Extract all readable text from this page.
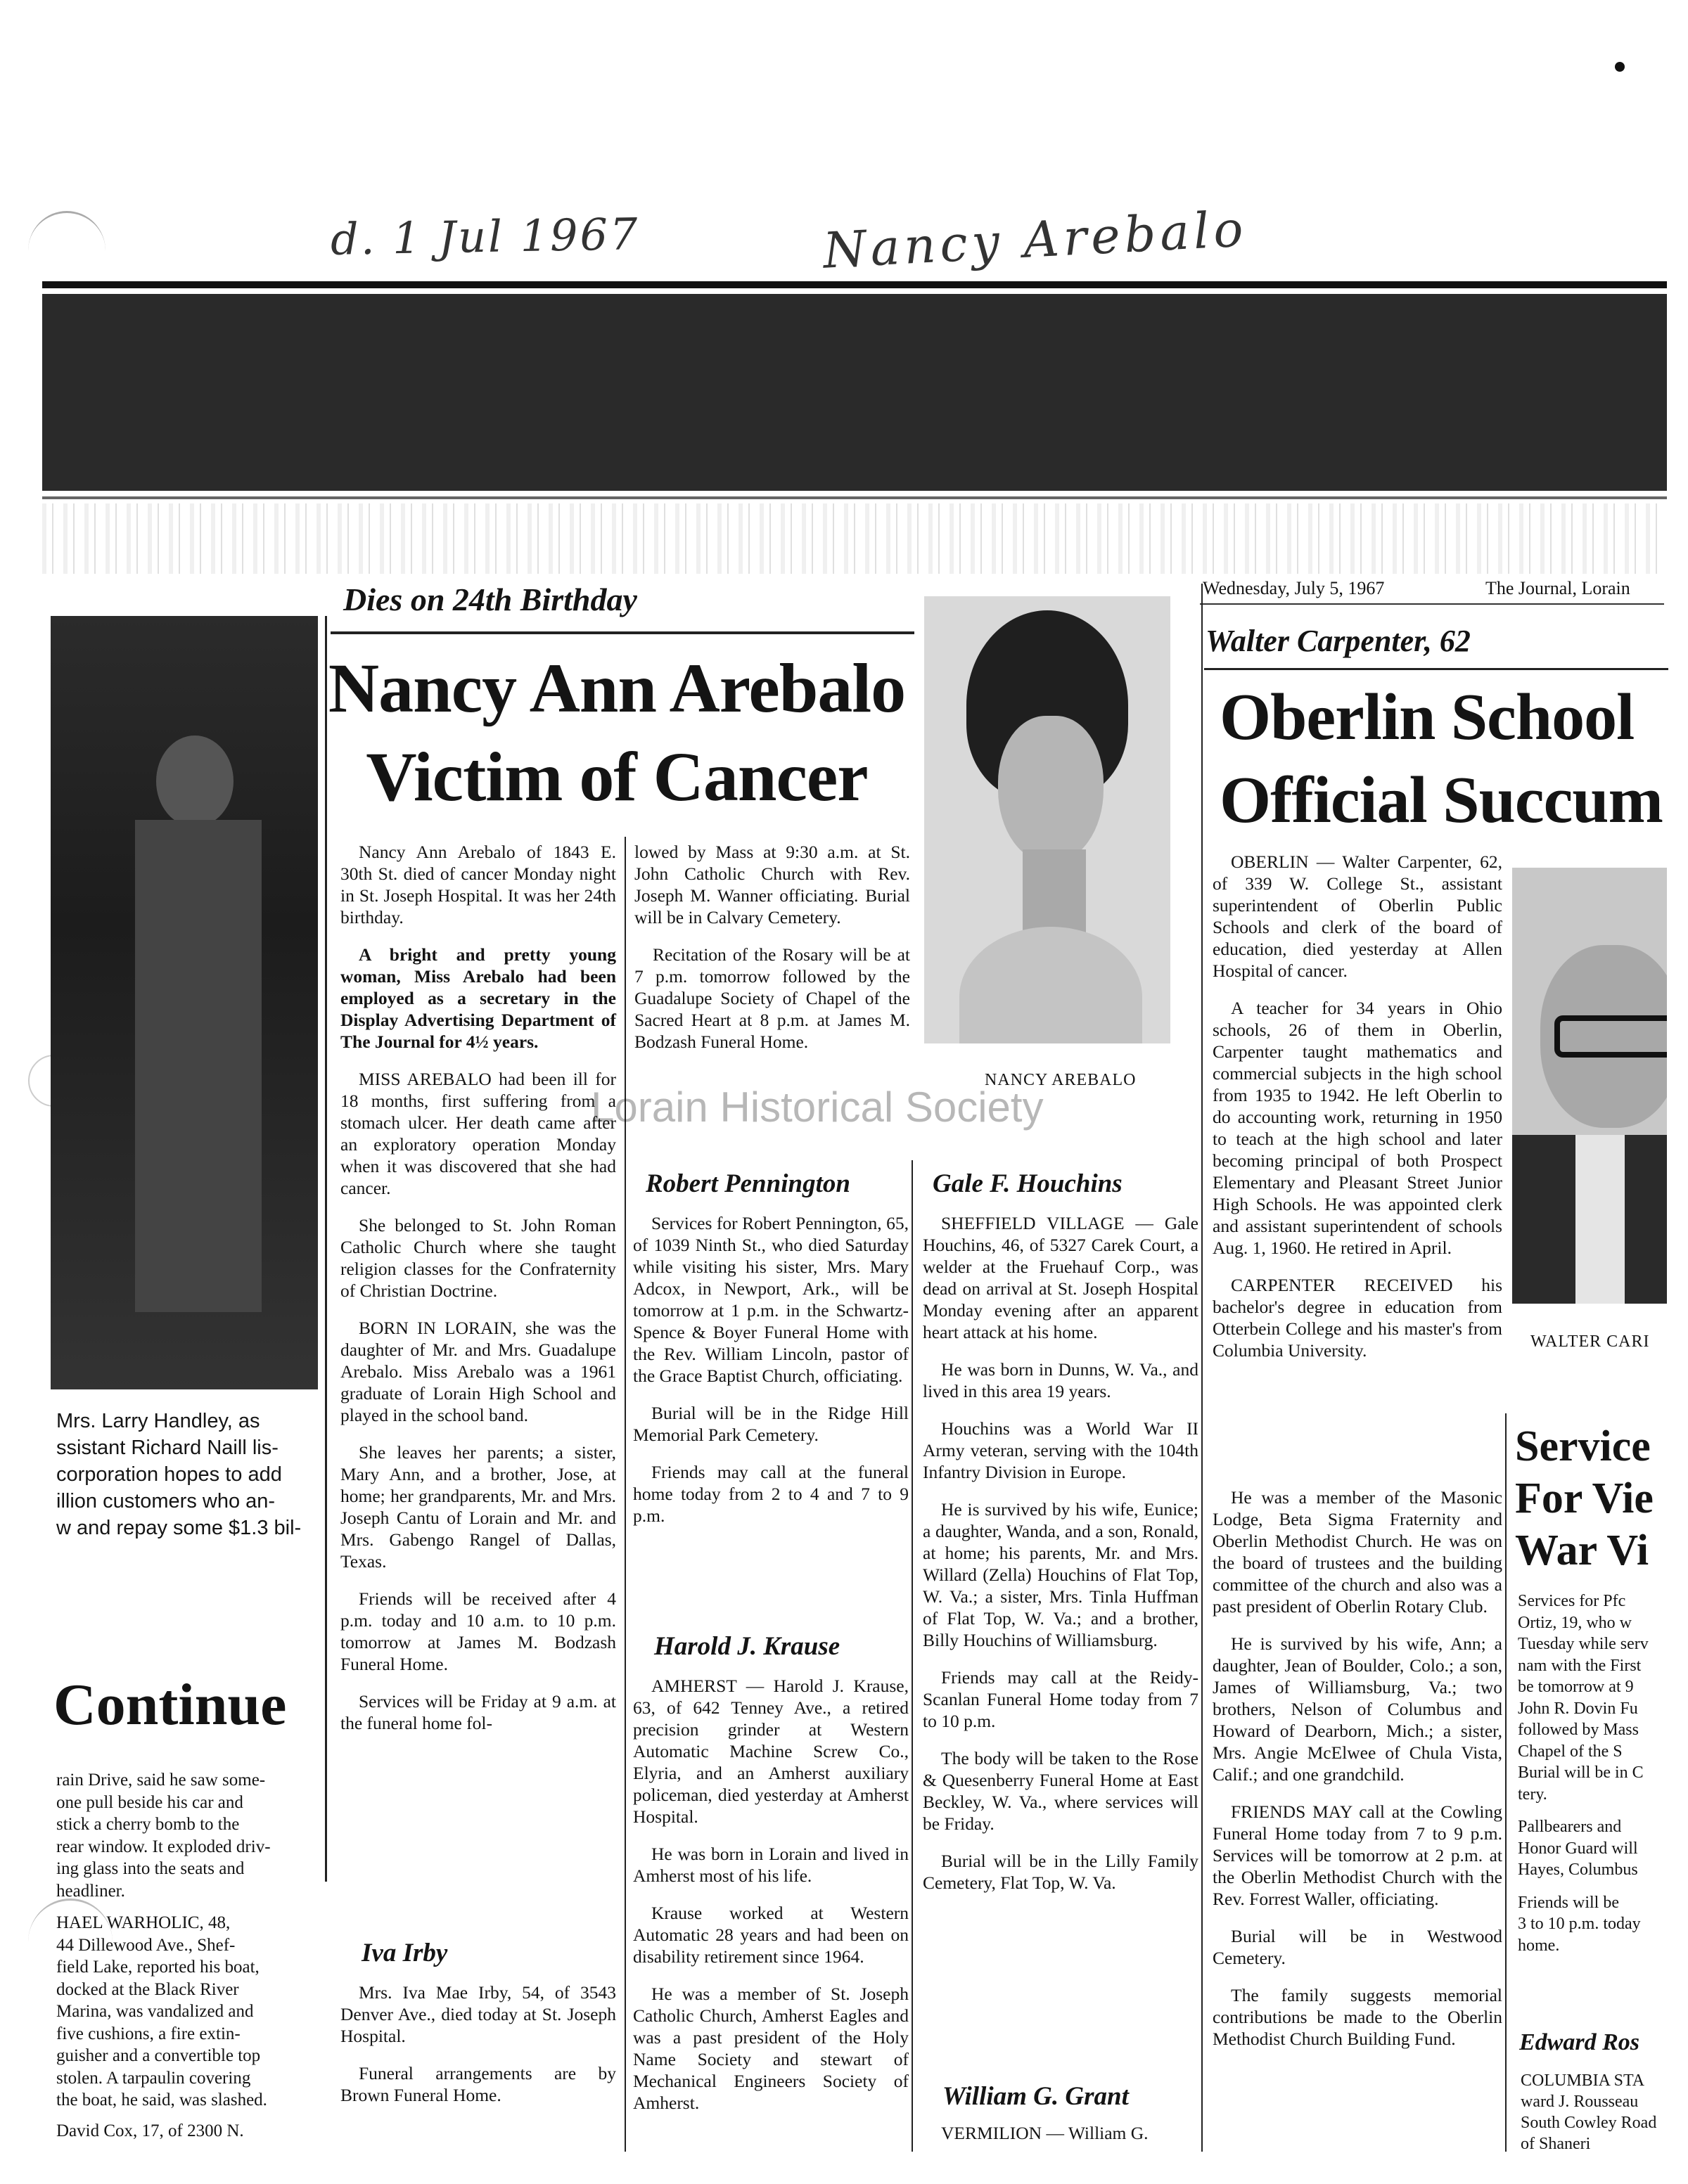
d. 1 Jul 1967	Nancy Arebalo
Wednesday, July 5, 1967	The Journal, Lorain
Mrs. Larry Handley, as
ssistant Richard Naill lis-
corporation hopes to add
illion customers who an-
w and repay some $1.3 bil-
Continue
rain Drive, said he saw some-
one pull beside his car and
stick a cherry bomb to the
rear window. It exploded driv-
ing glass into the seats and
headliner.
HAEL WARHOLIC, 48,
44 Dillewood Ave., Shef-
field Lake, reported his boat,
docked at the Black River
Marina, was vandalized and
five cushions, a fire extin-
guisher and a convertible top
stolen. A tarpaulin covering
the boat, he said, was slashed.
David Cox, 17, of 2300 N.
Dies on 24th Birthday
Nancy Ann Arebalo
Victim of Cancer

Nancy Ann Arebalo of 1843 E. 30th St. died of cancer Monday night in St. Joseph Hospital. It was her 24th birthday.

A bright and pretty young woman, Miss Arebalo had been employed as a secretary in the Display Advertising Department of The Journal for 4½ years.

MISS AREBALO had been ill for 18 months, first suffering from a stomach ulcer. Her death came after an exploratory operation Monday when it was discovered that she had cancer.

She belonged to St. John Roman Catholic Church where she taught religion classes for the Confraternity of Christian Doctrine.

BORN IN LORAIN, she was the daughter of Mr. and Mrs. Guadalupe Arebalo. Miss Arebalo was a 1961 graduate of Lorain High School and played in the school band.

She leaves her parents; a sister, Mary Ann, and a brother, Jose, at home; her grandparents, Mr. and Mrs. Joseph Cantu of Lorain and Mr. and Mrs. Gabengo Rangel of Dallas, Texas.

Friends will be received after 4 p.m. today and 10 a.m. to 10 p.m. tomorrow at James M. Bodzash Funeral Home.

Services will be Friday at 9 a.m. at the funeral home fol-

lowed by Mass at 9:30 a.m. at St. John Catholic Church with Rev. Joseph M. Wanner officiating. Burial will be in Calvary Cemetery.

Recitation of the Rosary will be at 7 p.m. tomorrow followed by the Guadalupe Society of Chapel of the Sacred Heart at 8 p.m. at James M. Bodzash Funeral Home.

NANCY AREBALO
Lorain Historical Society
Robert Pennington

Services for Robert Pennington, 65, of 1039 Ninth St., who died Saturday while visiting his sister, Mrs. Mary Adcox, in Newport, Ark., will be tomorrow at 1 p.m. in the Schwartz-Spence & Boyer Funeral Home with the Rev. William Lincoln, pastor of the Grace Baptist Church, officiating.

Burial will be in the Ridge Hill Memorial Park Cemetery.

Friends may call at the funeral home today from 2 to 4 and 7 to 9 p.m.

Harold J. Krause

AMHERST — Harold J. Krause, 63, of 642 Tenney Ave., a retired precision grinder at Western Automatic Machine Screw Co., Elyria, and an Amherst auxiliary policeman, died yesterday at Amherst Hospital.

He was born in Lorain and lived in Amherst most of his life.

Krause worked at Western Automatic 28 years and had been on disability retirement since 1964.

He was a member of St. Joseph Catholic Church, Amherst Eagles and was a past president of the Holy Name Society and stewart of Mechanical Engineers Society of Amherst.

Iva Irby

Mrs. Iva Mae Irby, 54, of 3543 Denver Ave., died today at St. Joseph Hospital.

Funeral arrangements are by Brown Funeral Home.

Gale F. Houchins

SHEFFIELD VILLAGE — Gale Houchins, 46, of 5327 Carek Court, a welder at the Fruehauf Corp., was dead on arrival at St. Joseph Hospital Monday evening after an apparent heart attack at his home.

He was born in Dunns, W. Va., and lived in this area 19 years.

Houchins was a World War II Army veteran, serving with the 104th Infantry Division in Europe.

He is survived by his wife, Eunice; a daughter, Wanda, and a son, Ronald, at home; his parents, Mr. and Mrs. Willard (Zella) Houchins of Flat Top, W. Va.; a sister, Mrs. Tinla Huffman of Flat Top, W. Va.; and a brother, Billy Houchins of Williamsburg.

Friends may call at the Reidy-Scanlan Funeral Home today from 7 to 10 p.m.

The body will be taken to the Rose & Quesenberry Funeral Home at East Beckley, W. Va., where services will be Friday.

Burial will be in the Lilly Family Cemetery, Flat Top, W. Va.

William G. Grant

VERMILION — William G.

Walter Carpenter, 62
Oberlin School
Official Succum

OBERLIN — Walter Carpenter, 62, of 339 W. College St., assistant superintendent of Oberlin Public Schools and clerk of the board of education, died yesterday at Allen Hospital of cancer.

A teacher for 34 years in Ohio schools, 26 of them in Oberlin, Carpenter taught mathematics and commercial subjects in the high school from 1935 to 1942. He left Oberlin to do accounting work, returning in 1950 to teach at the high school and later becoming principal of both Prospect Elementary and Pleasant Street Junior High Schools. He was appointed clerk and assistant superintendent of schools Aug. 1, 1960. He retired in April.

CARPENTER RECEIVED his bachelor's degree in education from Otterbein College and his master's from Columbia University.	WALTER CARI

He was a member of the Masonic Lodge, Beta Sigma Fraternity and Oberlin Methodist Church. He was on the board of trustees and the building committee of the church and also was a past president of Oberlin Rotary Club.

He is survived by his wife, Ann; a daughter, Jean of Boulder, Colo.; a son, James of Williamsburg, Va.; two brothers, Nelson of Columbus and Howard of Dearborn, Mich.; a sister, Mrs. Angie McElwee of Chula Vista, Calif.; and one grandchild.

FRIENDS MAY call at the Cowling Funeral Home today from 7 to 9 p.m. Services will be tomorrow at 2 p.m. at the Oberlin Methodist Church with the Rev. Forrest Waller, officiating.

Burial will be in Westwood Cemetery.

The family suggests memorial contributions be made to the Oberlin Methodist Church Building Fund.

Service
For Vie
War Vi
Services for Pfc
Ortiz, 19, who w
Tuesday while serv
nam with the First
be tomorrow at 9
John R. Dovin Fu
followed by Mass
Chapel of the S
Burial will be in C
tery.
Pallbearers and
Honor Guard will
Hayes, Columbus
Friends will be
3 to 10 p.m. today
home.
Edward Ros
COLUMBIA STA
ward J. Rousseau
South Cowley Road
of Shaneri
